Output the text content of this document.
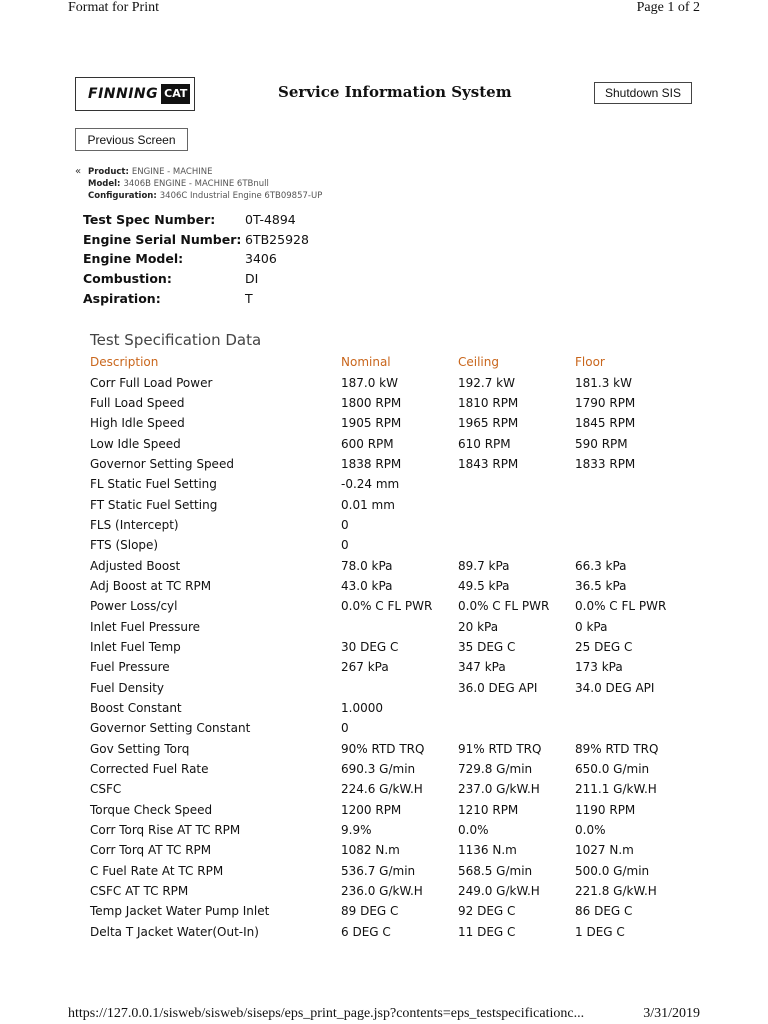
Format for Print	Page 1 of 2
FINNING CAT	Service Information System	Shutdown SIS
Previous Screen
« Product: ENGINE - MACHINE
Model: 3406B ENGINE - MACHINE 6TBnull
Configuration: 3406C Industrial Engine 6TB09857-UP
Test Spec Number:	0T-4894
Engine Serial Number: 6TB25928
Engine Model:	3406
Combustion:	DI
Aspiration:	T
Test Specification Data
Description	Nominal	Ceiling	Floor
Corr Full Load Power	187.0 kW	192.7 kW	181.3 kW
Full Load Speed	1800 RPM	1810 RPM	1790 RPM
High Idle Speed	1905 RPM	1965 RPM	1845 RPM
Low Idle Speed	600 RPM	610 RPM	590 RPM
Governor Setting Speed	1838 RPM	1843 RPM	1833 RPM
FL Static Fuel Setting	-0.24 mm		
FT Static Fuel Setting	0.01 mm		
FLS (Intercept)	0		
FTS (Slope)	0		
Adjusted Boost	78.0 kPa	89.7 kPa	66.3 kPa
Adj Boost at TC RPM	43.0 kPa	49.5 kPa	36.5 kPa
Power Loss/cyl	0.0% C FL PWR	0.0% C FL PWR	0.0% C FL PWR
Inlet Fuel Pressure		20 kPa	0 kPa
Inlet Fuel Temp	30 DEG C	35 DEG C	25 DEG C
Fuel Pressure	267 kPa	347 kPa	173 kPa
Fuel Density		36.0 DEG API	34.0 DEG API
Boost Constant	1.0000		
Governor Setting Constant	0		
Gov Setting Torq	90% RTD TRQ	91% RTD TRQ	89% RTD TRQ
Corrected Fuel Rate	690.3 G/min	729.8 G/min	650.0 G/min
CSFC	224.6 G/kW.H	237.0 G/kW.H	211.1 G/kW.H
Torque Check Speed	1200 RPM	1210 RPM	1190 RPM
Corr Torq Rise AT TC RPM	9.9%	0.0%	0.0%
Corr Torq AT TC RPM	1082 N.m	1136 N.m	1027 N.m
C Fuel Rate At TC RPM	536.7 G/min	568.5 G/min	500.0 G/min
CSFC AT TC RPM	236.0 G/kW.H	249.0 G/kW.H	221.8 G/kW.H
Temp Jacket Water Pump Inlet	89 DEG C	92 DEG C	86 DEG C
Delta T Jacket Water(Out-In)	6 DEG C	11 DEG C	1 DEG C
https://127.0.0.1/sisweb/sisweb/siseps/eps_print_page.jsp?contents=eps_testspecificationc...	3/31/2019
